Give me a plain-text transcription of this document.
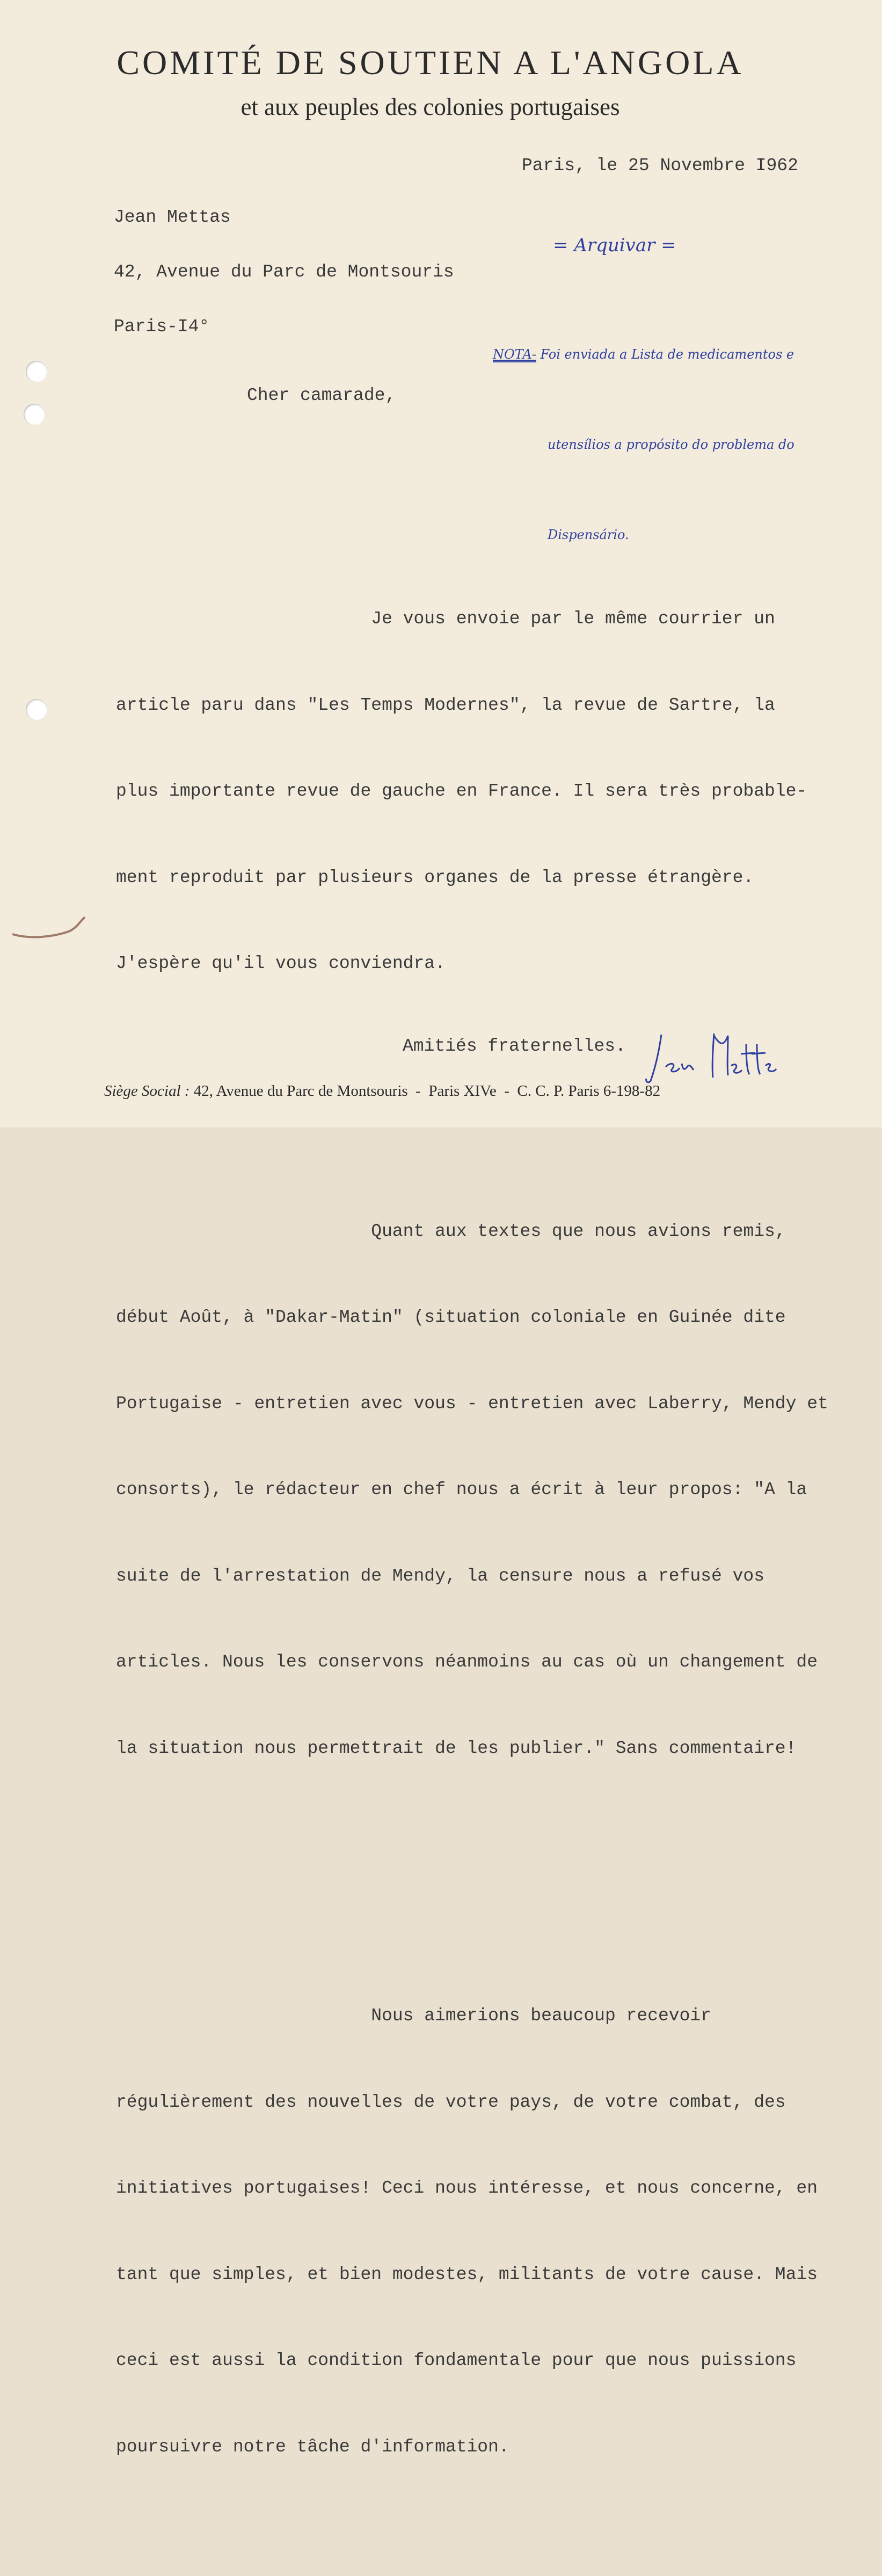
COMITÉ DE SOUTIEN A L'ANGOLA
et aux peuples des colonies portugaises
Paris, le 25 Novembre I962

Jean Mettas

42, Avenue du Parc de Montsouris

Paris-I4°

= Arquivar =

NOTA- Foi enviada a Lista de medicamentos e

utensílios a propósito do problema do

Dispensário.

Cher camarade,

Je vous envoie par le même courrier un

article paru dans "Les Temps Modernes", la revue de Sartre, la

plus importante revue de gauche en France. Il sera très probable-

ment reproduit par plusieurs organes de la presse étrangère.

J'espère qu'il vous conviendra.

Quant aux textes que nous avions remis,

début Août, à "Dakar-Matin" (situation coloniale en Guinée dite

Portugaise - entretien avec vous - entretien avec Laberry, Mendy et

consorts), le rédacteur en chef nous a écrit à leur propos: "A la

suite de l'arrestation de Mendy, la censure nous a refusé vos

articles. Nous les conservons néanmoins au cas où un changement de

la situation nous permettrait de les publier." Sans commentaire!

Nous aimerions beaucoup recevoir

régulièrement des nouvelles de votre pays, de votre combat, des

initiatives portugaises! Ceci nous intéresse, et nous concerne, en

tant que simples, et bien modestes, militants de votre cause. Mais

ceci est aussi la condition fondamentale pour que nous puissions

poursuivre notre tâche d'information.

Amitiés fraternelles.
Siège Social : 42, Avenue du Parc de Montsouris  -  Paris XIVe  -  C. C. P. Paris 6-198-82
